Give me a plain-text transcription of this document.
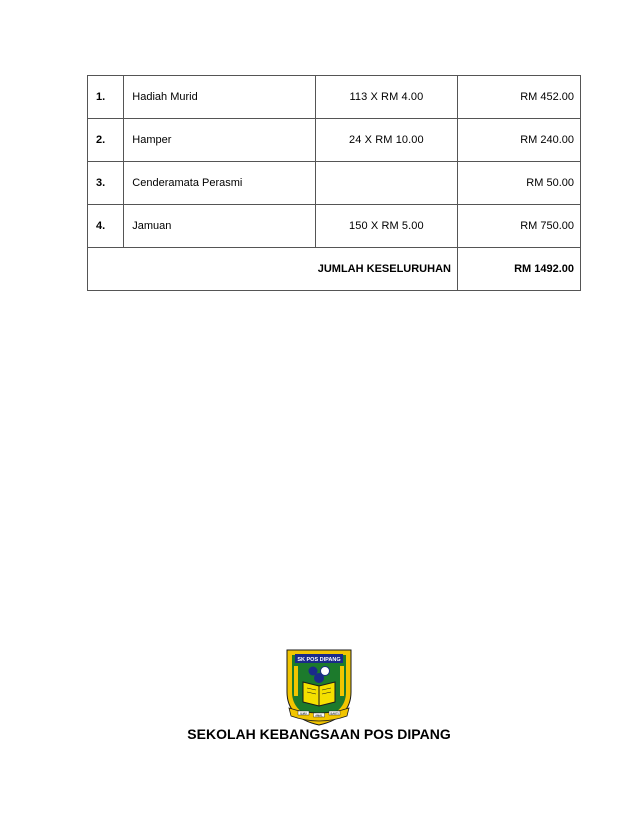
1.	Hadiah Murid	113 X RM 4.00	RM 452.00
2.	Hamper	24 X RM 10.00	RM 240.00
3.	Cenderamata Perasmi		RM 50.00
4.	Jamuan	150 X RM 5.00	RM 750.00
JUMLAH KESELURUHAN			RM 1492.00
SK POS DIPANG
ILMU
AMAL
BAKTI
SEKOLAH KEBANGSAAN POS DIPANG
